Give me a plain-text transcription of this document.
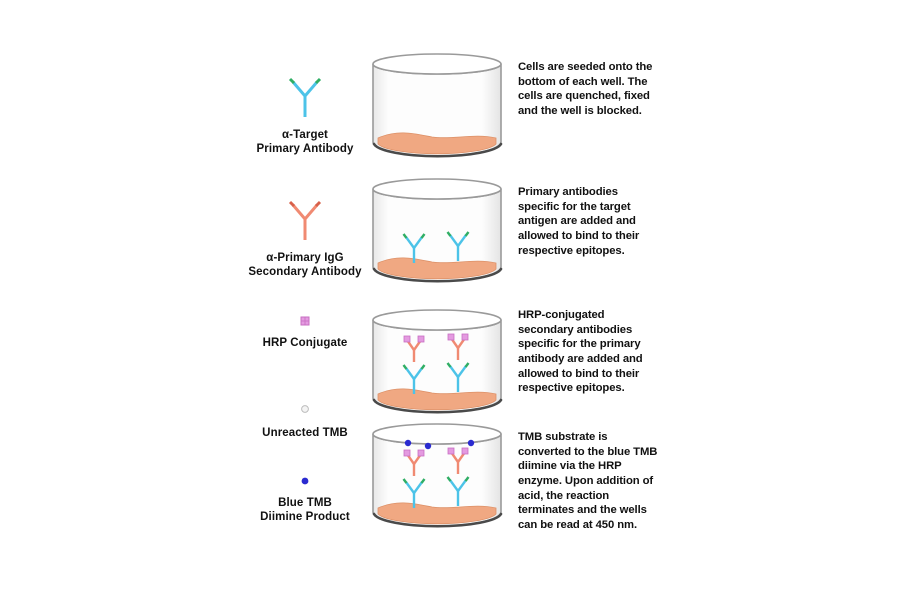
α-Target
Primary Antibody
Cells are seeded onto the bottom of each well. The cells are quenched, fixed and the well is blocked.
α-Primary IgG
Secondary Antibody
Primary antibodies specific for the target antigen are added and allowed to bind to their respective epitopes.
HRP Conjugate
Unreacted TMB
HRP-conjugated secondary antibodies specific for the primary antibody are added and allowed to bind to their respective epitopes.
Blue TMB
Diimine Product
TMB substrate is converted to the blue TMB diimine via the HRP enzyme. Upon addition of acid, the reaction terminates and the wells can be read at 450 nm.
